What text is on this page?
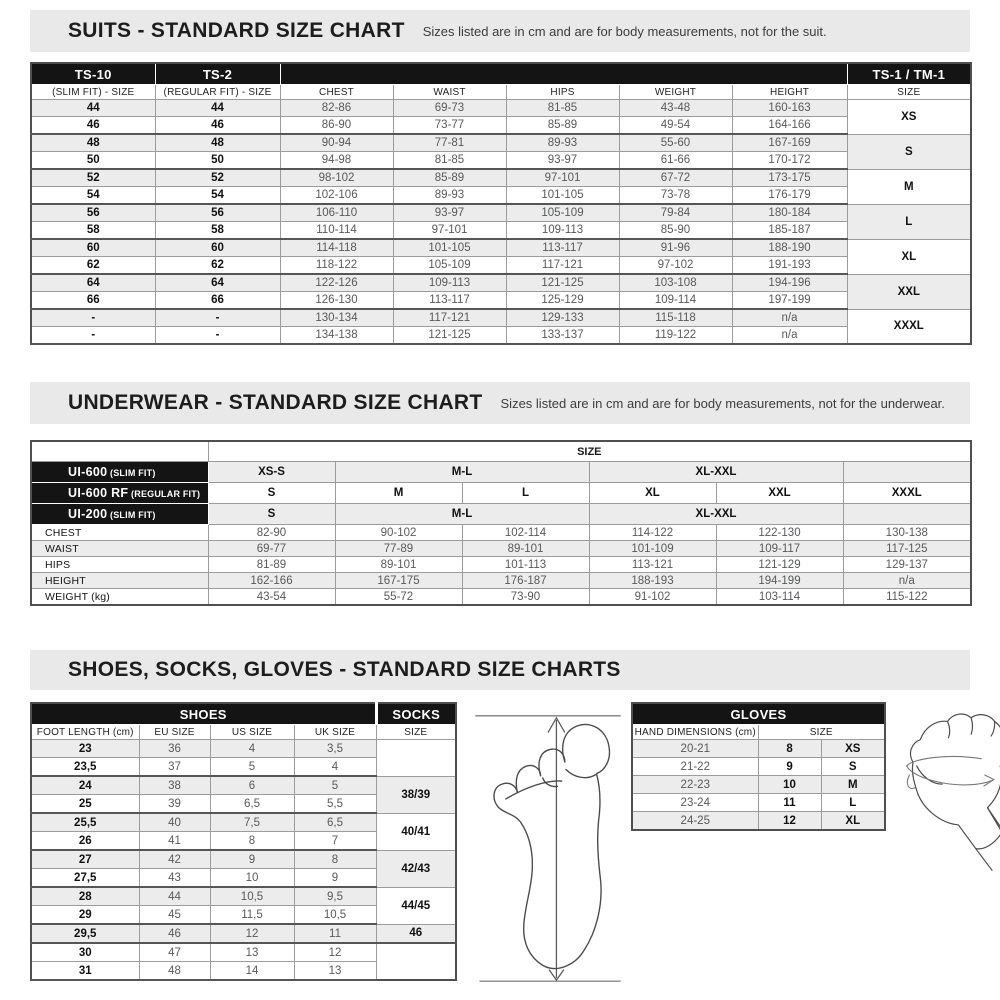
SUITS - STANDARD SIZE CHART Sizes listed are in cm and are for body measurements, not for the suit.
TS-10	TS-2						TS-1 / TM-1
(SLIM FIT) - SIZE	(REGULAR FIT) - SIZE	CHEST	WAIST	HIPS	WEIGHT	HEIGHT	SIZE
44	44	82-86	69-73	81-85	43-48	160-163	XS
46	46	86-90	73-77	85-89	49-54	164-166	
48	48	90-94	77-81	89-93	55-60	167-169	S
50	50	94-98	81-85	93-97	61-66	170-172	
52	52	98-102	85-89	97-101	67-72	173-175	M
54	54	102-106	89-93	101-105	73-78	176-179	
56	56	106-110	93-97	105-109	79-84	180-184	L
58	58	110-114	97-101	109-113	85-90	185-187	
60	60	114-118	101-105	113-117	91-96	188-190	XL
62	62	118-122	105-109	117-121	97-102	191-193	
64	64	122-126	109-113	121-125	103-108	194-196	XXL
66	66	126-130	113-117	125-129	109-114	197-199	
-	-	130-134	117-121	129-133	115-118	n/a	XXXL
-	-	134-138	121-125	133-137	119-122	n/a	
UNDERWEAR - STANDARD SIZE CHART Sizes listed are in cm and are for body measurements, not for the underwear.
	SIZE					
UI-600 (SLIM FIT)	XS-S	M-L		XL-XXL		
UI-600 RF (REGULAR FIT)	S	M	L	XL	XXL	XXXL
UI-200 (SLIM FIT)	S	M-L		XL-XXL		
CHEST	82-90	90-102	102-114	114-122	122-130	130-138
WAIST	69-77	77-89	89-101	101-109	109-117	117-125
HIPS	81-89	89-101	101-113	113-121	121-129	129-137
HEIGHT	162-166	167-175	176-187	188-193	194-199	n/a
WEIGHT (kg)	43-54	55-72	73-90	91-102	103-114	115-122
SHOES, SOCKS, GLOVES - STANDARD SIZE CHARTS
SHOES				SOCKS
FOOT LENGTH (cm)	EU SIZE	US SIZE	UK SIZE	SIZE
23	36	4	3,5	
23,5	37	5	4	
24	38	6	5	38/39
25	39	6,5	5,5	
25,5	40	7,5	6,5	40/41
26	41	8	7	
27	42	9	8	42/43
27,5	43	10	9	
28	44	10,5	9,5	44/45
29	45	11,5	10,5	
29,5	46	12	11	46
30	47	13	12	
31	48	14	13	
GLOVES		
HAND DIMENSIONS (cm)	SIZE	
20-21	8	XS
21-22	9	S
22-23	10	M
23-24	11	L
24-25	12	XL
